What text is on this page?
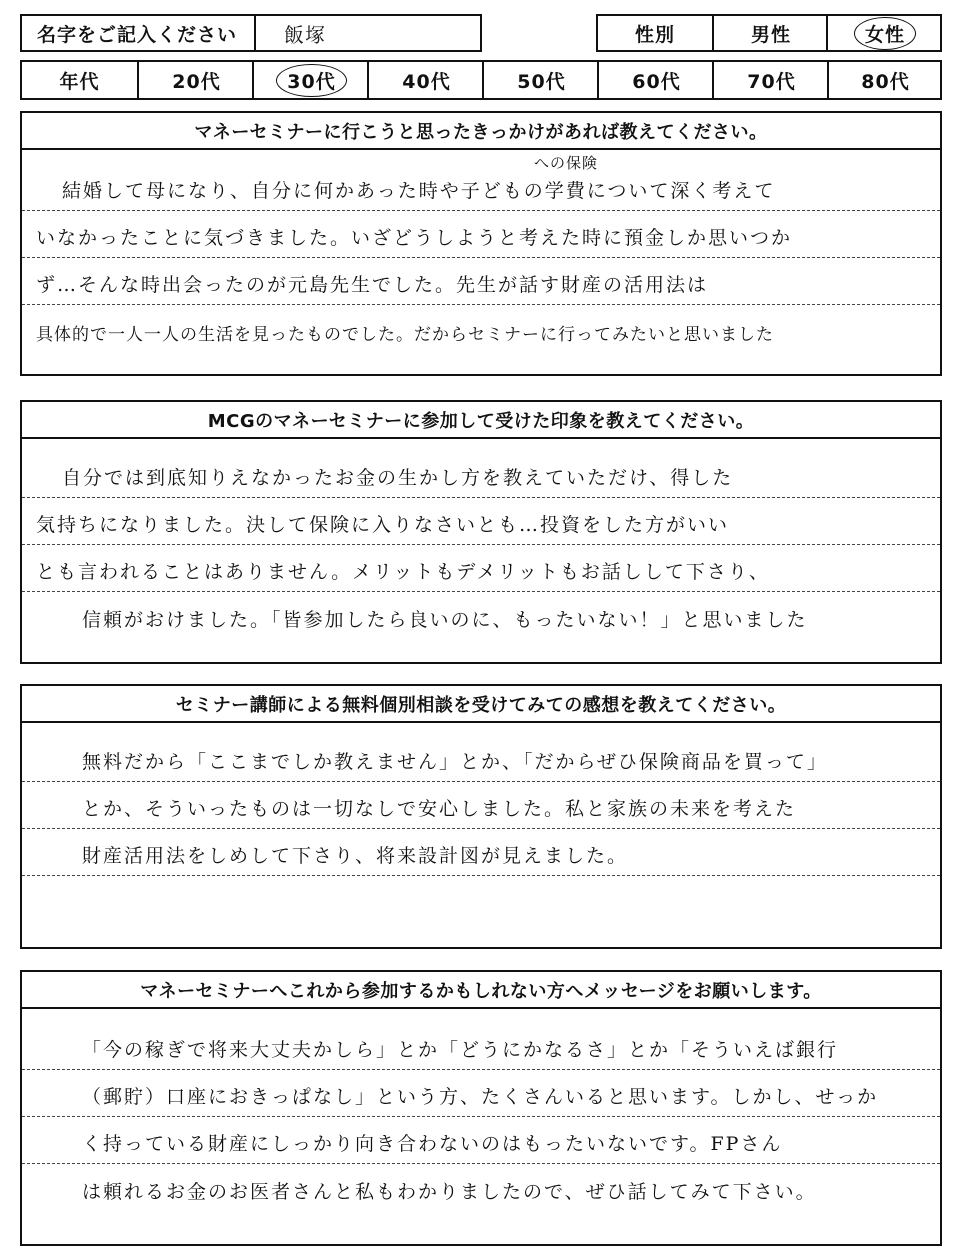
名字をご記入ください	飯塚	性別	男性	女性
年代	20代	30代	40代	50代	60代	70代	80代
マネーセミナーに行こうと思ったきっかけがあれば教えてください。
への保険
結婚して母になり、自分に何かあった時や子どもの学費について深く考えて
いなかったことに気づきました。いざどうしようと考えた時に預金しか思いつか
ず…そんな時出会ったのが元島先生でした。先生が話す財産の活用法は
具体的で一人一人の生活を見ったものでした。だからセミナーに行ってみたいと思いました
MCGのマネーセミナーに参加して受けた印象を教えてください。
自分では到底知りえなかったお金の生かし方を教えていただけ、得した
気持ちになりました。決して保険に入りなさいとも…投資をした方がいい
とも言われることはありません。メリットもデメリットもお話しして下さり、
信頼がおけました。「皆参加したら良いのに、もったいない！」と思いました
セミナー講師による無料個別相談を受けてみての感想を教えてください。
無料だから「ここまでしか教えません」とか、「だからぜひ保険商品を買って」
とか、そういったものは一切なしで安心しました。私と家族の未来を考えた
財産活用法をしめして下さり、将来設計図が見えました。
マネーセミナーへこれから参加するかもしれない方へメッセージをお願いします。
「今の稼ぎで将来大丈夫かしら」とか「どうにかなるさ」とか「そういえば銀行
（郵貯）口座におきっぱなし」という方、たくさんいると思います。しかし、せっか
く持っている財産にしっかり向き合わないのはもったいないです。FPさん
は頼れるお金のお医者さんと私もわかりましたので、ぜひ話してみて下さい。
